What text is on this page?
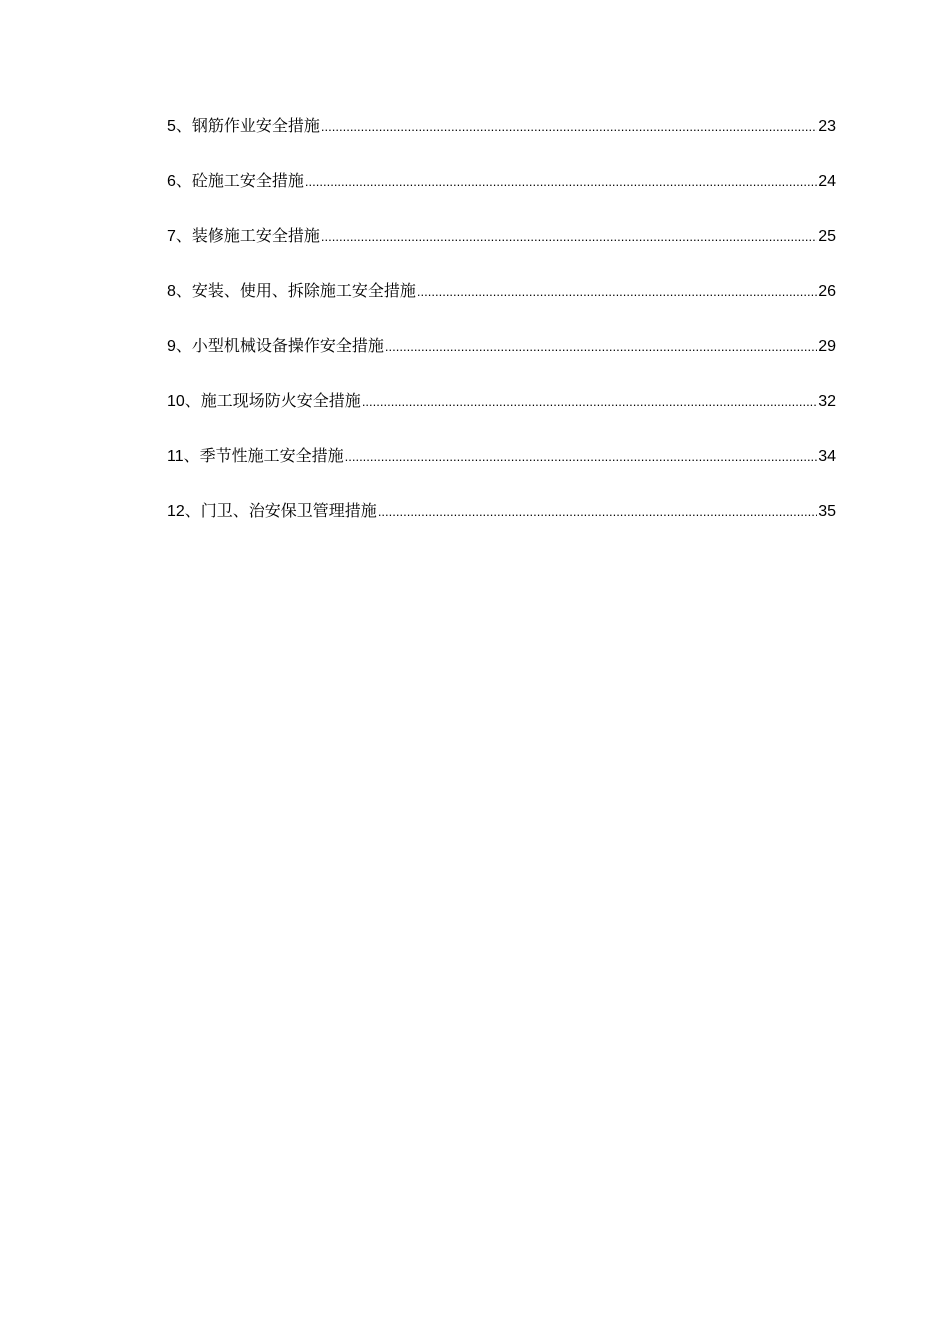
5、钢筋作业安全措施 .....	23
6、砼施工安全措施 .....	24
7、装修施工安全措施 .....	25
8、安装、使用、拆除施工安全措施 .....	26
9、小型机械设备操作安全措施 .....	29
10、施工现场防火安全措施 .....	32
11、季节性施工安全措施 .....	34
12、门卫、治安保卫管理措施 .....	35
